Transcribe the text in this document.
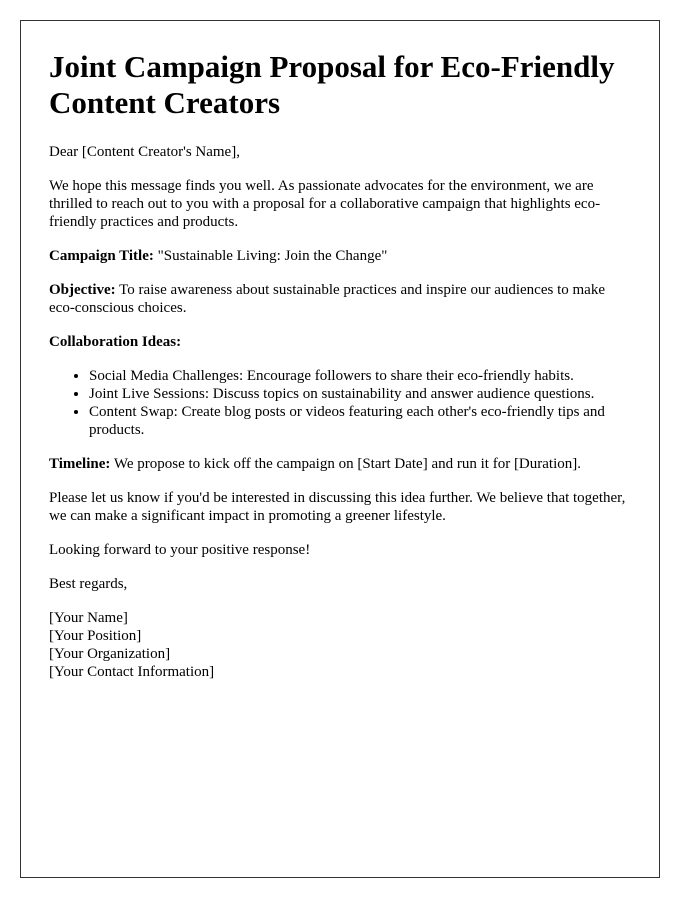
Joint Campaign Proposal for Eco-Friendly Content Creators

Dear [Content Creator's Name],

We hope this message finds you well. As passionate advocates for the environment, we are thrilled to reach out to you with a proposal for a collaborative campaign that highlights eco-friendly practices and products.

Campaign Title: "Sustainable Living: Join the Change"

Objective: To raise awareness about sustainable practices and inspire our audiences to make eco-conscious choices.

Collaboration Ideas:

• Social Media Challenges: Encourage followers to share their eco-friendly habits.
• Joint Live Sessions: Discuss topics on sustainability and answer audience questions.
• Content Swap: Create blog posts or videos featuring each other's eco-friendly tips and products.

Timeline: We propose to kick off the campaign on [Start Date] and run it for [Duration].

Please let us know if you'd be interested in discussing this idea further. We believe that together, we can make a significant impact in promoting a greener lifestyle.

Looking forward to your positive response!

Best regards,

[Your Name]

[Your Position]

[Your Organization]

[Your Contact Information]
